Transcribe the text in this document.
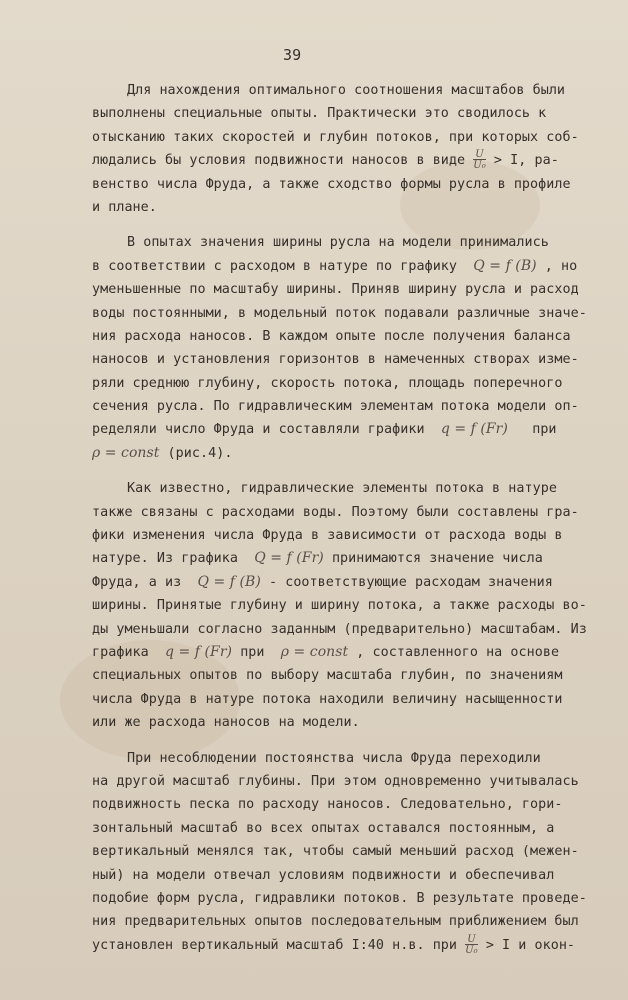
39
Для нахождения оптимального соотношения масштабов были
выполнены специальные опыты. Практически это сводилось к
отысканию таких скоростей и глубин потоков, при которых соб-
людались бы условия подвижности наносов в виде $\frac{U}{\text{U₀}} > I$, ра-
венство числа Фруда, а также сходство формы русла в профиле
и плане.
В опытах значения ширины русла на модели принимались
в соответствии с расходом в натуре по графику  Q = f (B) , но
уменьшенные по масштабу ширины. Приняв ширину русла и расход
воды постоянными, в модельный поток подавали различные значе-
ния расхода наносов. В каждом опыте после получения баланса
наносов и установления горизонтов в намеченных створах изме-
ряли среднюю глубину, скорость потока, площадь поперечного
сечения русла. По гидравлическим элементам потока модели оп-
ределяли число Фруда и составляли графики  q = f (Fr)   при
ρ = const (рис.4).
Как известно, гидравлические элементы потока в натуре
также связаны с расходами воды. Поэтому были составлены гра-
фики изменения числа Фруда в зависимости от расхода воды в
натуре. Из графика  Q = f (Fr) принимаются значение числа
Фруда, а из  Q = f (B) - соответствующие расходам значения
ширины. Принятые глубину и ширину потока, а также расходы во-
ды уменьшали согласно заданным (предварительно) масштабам. Из
графика  q = f (Fr) при  ρ = const , составленного на основе
специальных опытов по выбору масштаба глубин, по значениям
числа Фруда в натуре потока находили величину насыщенности
или же расхода наносов на модели.
При несоблюдении постоянства числа Фруда переходили
на другой масштаб глубины. При этом одновременно учитывалась
подвижность песка по расходу наносов. Следовательно, гори-
зонтальный масштаб во всех опытах оставался постоянным, а
вертикальный менялся так, чтобы самый меньший расход (межен-
ный) на модели отвечал условиям подвижности и обеспечивал
подобие форм русла, гидравлики потоков. В результате проведе-
ния предварительных опытов последовательным приближением был
установлен вертикальный масштаб I:40 н.в. при $\frac{U}{\text{U₀}} > I$ и окон-
